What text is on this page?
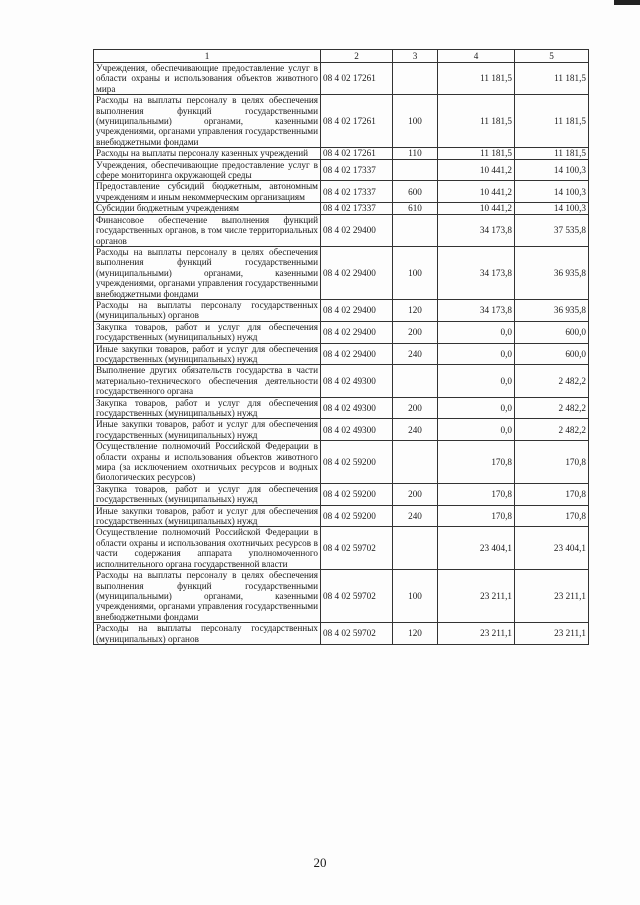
1	2	3	4	5
Учреждения, обеспечивающие предоставление услуг в области охраны и использования объектов животного мира	08 4 02 17261		11 181,5	11 181,5
Расходы на выплаты персоналу в целях обеспечения выполнения функций государственными (муниципальными) органами, казенными учреждениями, органами управления государственными внебюджетными фондами	08 4 02 17261	100	11 181,5	11 181,5
Расходы на выплаты персоналу казенных учреждений	08 4 02 17261	110	11 181,5	11 181,5
Учреждения, обеспечивающие предоставление услуг в сфере мониторинга окружающей среды	08 4 02 17337		10 441,2	14 100,3
Предоставление субсидий бюджетным, автономным учреждениям и иным некоммерческим организациям	08 4 02 17337	600	10 441,2	14 100,3
Субсидии бюджетным учреждениям	08 4 02 17337	610	10 441,2	14 100,3
Финансовое обеспечение выполнения функций государственных органов, в том числе территориальных органов	08 4 02 29400		34 173,8	37 535,8
Расходы на выплаты персоналу в целях обеспечения выполнения функций государственными (муниципальными) органами, казенными учреждениями, органами управления государственными внебюджетными фондами	08 4 02 29400	100	34 173,8	36 935,8
Расходы на выплаты персоналу государственных (муниципальных) органов	08 4 02 29400	120	34 173,8	36 935,8
Закупка товаров, работ и услуг для обеспечения государственных (муниципальных) нужд	08 4 02 29400	200	0,0	600,0
Иные закупки товаров, работ и услуг для обеспечения государственных (муниципальных) нужд	08 4 02 29400	240	0,0	600,0
Выполнение других обязательств государства в части материально-технического обеспечения деятельности государственного органа	08 4 02 49300		0,0	2 482,2
Закупка товаров, работ и услуг для обеспечения государственных (муниципальных) нужд	08 4 02 49300	200	0,0	2 482,2
Иные закупки товаров, работ и услуг для обеспечения государственных (муниципальных) нужд	08 4 02 49300	240	0,0	2 482,2
Осуществление полномочий Российской Федерации в области охраны и использования объектов животного мира (за исключением охотничьих ресурсов и водных биологических ресурсов)	08 4 02 59200		170,8	170,8
Закупка товаров, работ и услуг для обеспечения государственных (муниципальных) нужд	08 4 02 59200	200	170,8	170,8
Иные закупки товаров, работ и услуг для обеспечения государственных (муниципальных) нужд	08 4 02 59200	240	170,8	170,8
Осуществление полномочий Российской Федерации в области охраны и использования охотничьих ресурсов в части содержания аппарата уполномоченного исполнительного органа государственной власти	08 4 02 59702		23 404,1	23 404,1
Расходы на выплаты персоналу в целях обеспечения выполнения функций государственными (муниципальными) органами, казенными учреждениями, органами управления государственными внебюджетными фондами	08 4 02 59702	100	23 211,1	23 211,1
Расходы на выплаты персоналу государственных (муниципальных) органов	08 4 02 59702	120	23 211,1	23 211,1
20
